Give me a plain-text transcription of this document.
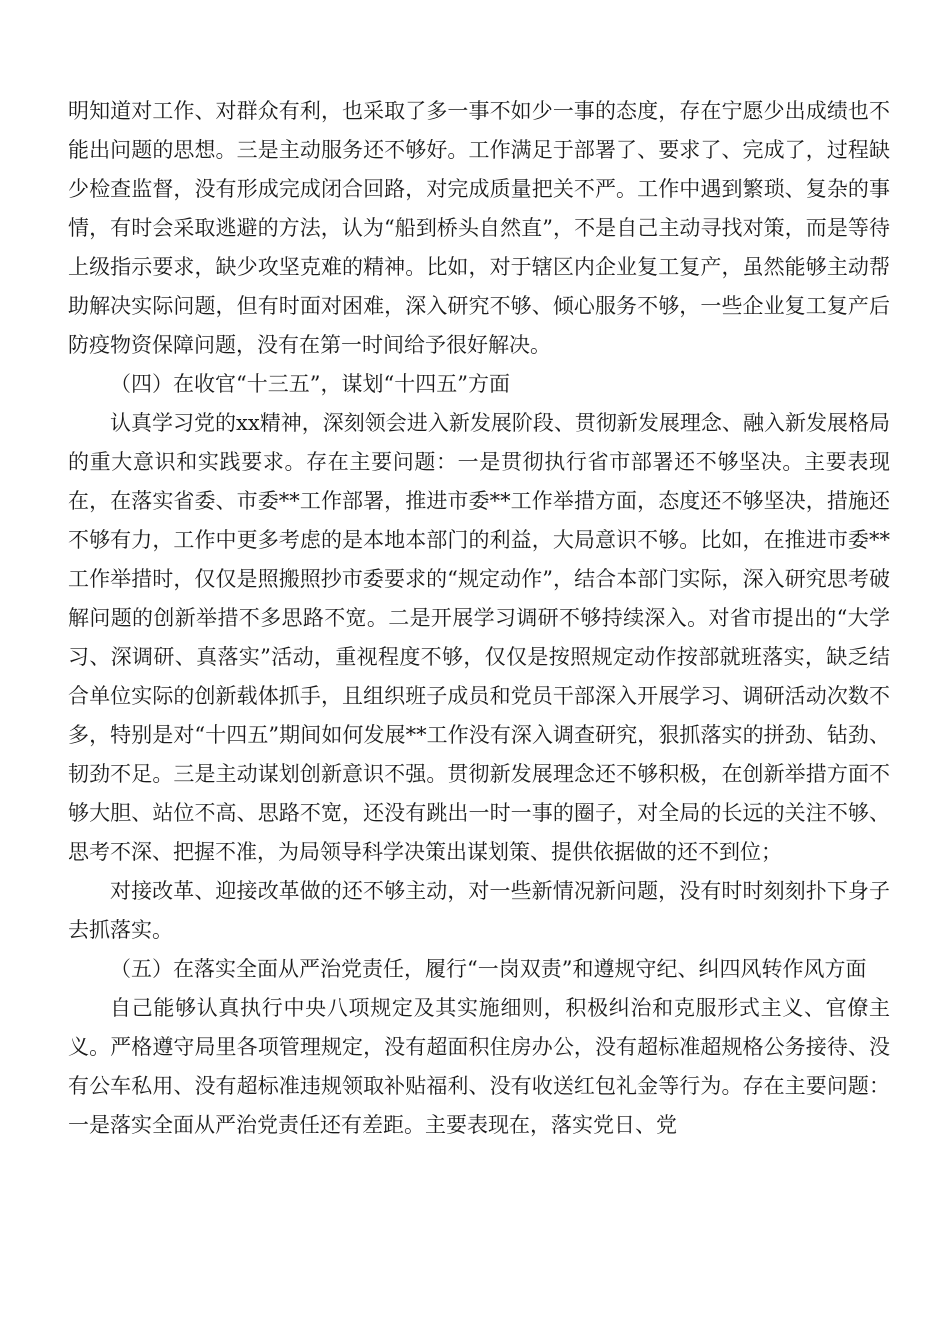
明知道对工作、对群众有利，也采取了多一事不如少一事的态度，存在宁愿少出成绩也不能出问题的思想。三是主动服务还不够好。工作满足于部署了、要求了、完成了，过程缺少检查监督，没有形成完成闭合回路，对完成质量把关不严。工作中遇到繁琐、复杂的事情，有时会采取逃避的方法，认为“船到桥头自然直”，不是自己主动寻找对策，而是等待上级指示要求，缺少攻坚克难的精神。比如，对于辖区内企业复工复产，虽然能够主动帮助解决实际问题，但有时面对困难，深入研究不够、倾心服务不够，一些企业复工复产后防疫物资保障问题，没有在第一时间给予很好解决。

（四）在收官“十三五”，谋划“十四五”方面

认真学习党的xx精神，深刻领会进入新发展阶段、贯彻新发展理念、融入新发展格局的重大意识和实践要求。存在主要问题：一是贯彻执行省市部署还不够坚决。主要表现在，在落实省委、市委**工作部署，推进市委**工作举措方面，态度还不够坚决，措施还不够有力，工作中更多考虑的是本地本部门的利益，大局意识不够。比如，在推进市委**工作举措时，仅仅是照搬照抄市委要求的“规定动作”，结合本部门实际，深入研究思考破解问题的创新举措不多思路不宽。二是开展学习调研不够持续深入。对省市提出的“大学习、深调研、真落实”活动，重视程度不够，仅仅是按照规定动作按部就班落实，缺乏结合单位实际的创新载体抓手，且组织班子成员和党员干部深入开展学习、调研活动次数不多，特别是对“十四五”期间如何发展**工作没有深入调查研究，狠抓落实的拼劲、钻劲、韧劲不足。三是主动谋划创新意识不强。贯彻新发展理念还不够积极，在创新举措方面不够大胆、站位不高、思路不宽，还没有跳出一时一事的圈子，对全局的长远的关注不够、思考不深、把握不准，为局领导科学决策出谋划策、提供依据做的还不到位；

对接改革、迎接改革做的还不够主动，对一些新情况新问题，没有时时刻刻扑下身子去抓落实。

（五）在落实全面从严治党责任，履行“一岗双责”和遵规守纪、纠四风转作风方面

自己能够认真执行中央八项规定及其实施细则，积极纠治和克服形式主义、官僚主义。严格遵守局里各项管理规定，没有超面积住房办公，没有超标准超规格公务接待、没有公车私用、没有超标准违规领取补贴福利、没有收送红包礼金等行为。存在主要问题：一是落实全面从严治党责任还有差距。主要表现在，落实党日、党
